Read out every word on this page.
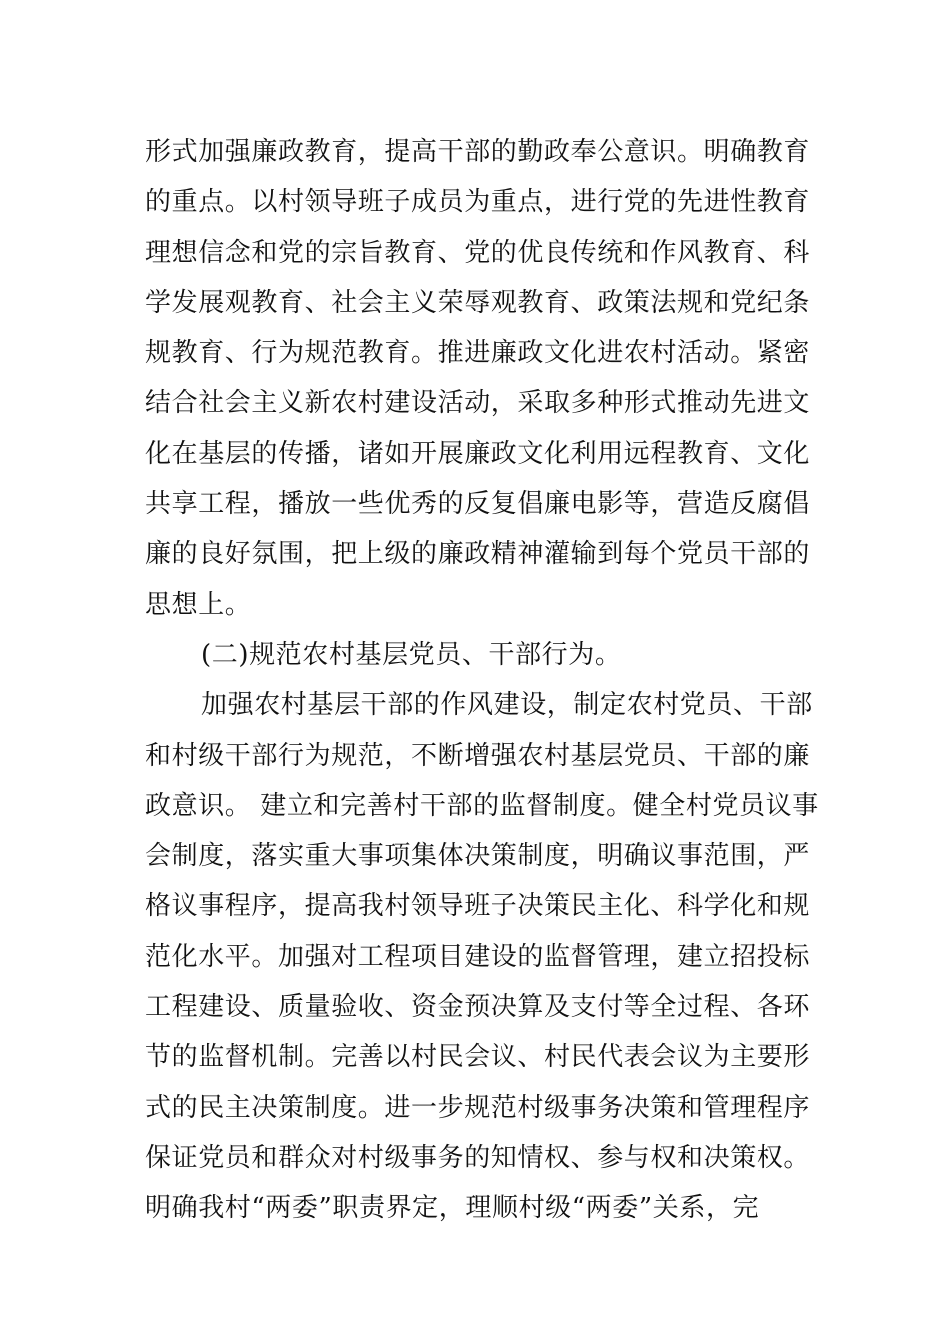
形式加强廉政教育，提高干部的勤政奉公意识。明确教育
的重点。以村领导班子成员为重点，进行党的先进性教育
理想信念和党的宗旨教育、党的优良传统和作风教育、科
学发展观教育、社会主义荣辱观教育、政策法规和党纪条
规教育、行为规范教育。推进廉政文化进农村活动。紧密
结合社会主义新农村建设活动，采取多种形式推动先进文
化在基层的传播，诸如开展廉政文化利用远程教育、文化
共享工程，播放一些优秀的反复倡廉电影等，营造反腐倡
廉的良好氛围，把上级的廉政精神灌输到每个党员干部的
思想上。
(二)规范农村基层党员、干部行为。
加强农村基层干部的作风建设，制定农村党员、干部
和村级干部行为规范，不断增强农村基层党员、干部的廉
政意识。 建立和完善村干部的监督制度。健全村党员议事
会制度，落实重大事项集体决策制度，明确议事范围，严
格议事程序，提高我村领导班子决策民主化、科学化和规
范化水平。加强对工程项目建设的监督管理，建立招投标
工程建设、质量验收、资金预决算及支付等全过程、各环
节的监督机制。完善以村民会议、村民代表会议为主要形
式的民主决策制度。进一步规范村级事务决策和管理程序
保证党员和群众对村级事务的知情权、参与权和决策权。
明确我村“两委”职责界定，理顺村级“两委”关系，完
